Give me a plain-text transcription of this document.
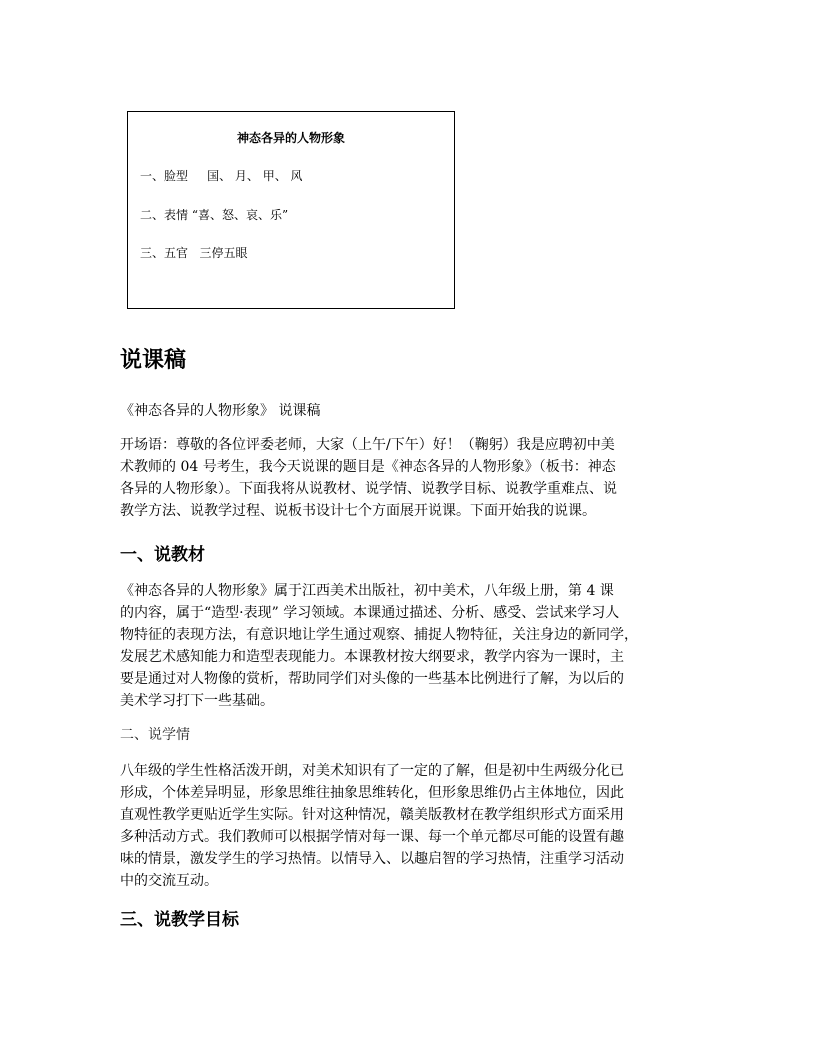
神态各异的人物形象
一、脸型     国、 月、 甲、 风
二、表情 “喜、怒、哀、乐”
三、五官   三停五眼
说课稿
《神态各异的人物形象》 说课稿
开场语：尊敬的各位评委老师，大家（上午/下午）好！（鞠躬）我是应聘初中美
术教师的 04 号考生，我今天说课的题目是《神态各异的人物形象》（板书：神态
各异的人物形象）。下面我将从说教材、说学情、说教学目标、说教学重难点、说
教学方法、说教学过程、说板书设计七个方面展开说课。下面开始我的说课。
一、说教材
《神态各异的人物形象》属于江西美术出版社，初中美术，八年级上册，第 4 课
的内容，属于“造型·表现” 学习领域。本课通过描述、分析、感受、尝试来学习人
物特征的表现方法，有意识地让学生通过观察、捕捉人物特征，关注身边的新同学，
发展艺术感知能力和造型表现能力。本课教材按大纲要求，教学内容为一课时，主
要是通过对人物像的赏析，帮助同学们对头像的一些基本比例进行了解，为以后的
美术学习打下一些基础。
二、说学情
八年级的学生性格活泼开朗，对美术知识有了一定的了解，但是初中生两级分化已
形成，个体差异明显，形象思维往抽象思维转化，但形象思维仍占主体地位，因此
直观性教学更贴近学生实际。针对这种情况，赣美版教材在教学组织形式方面采用
多种活动方式。我们教师可以根据学情对每一课、每一个单元都尽可能的设置有趣
味的情景，激发学生的学习热情。以情导入、以趣启智的学习热情，注重学习活动
中的交流互动。
三、说教学目标
